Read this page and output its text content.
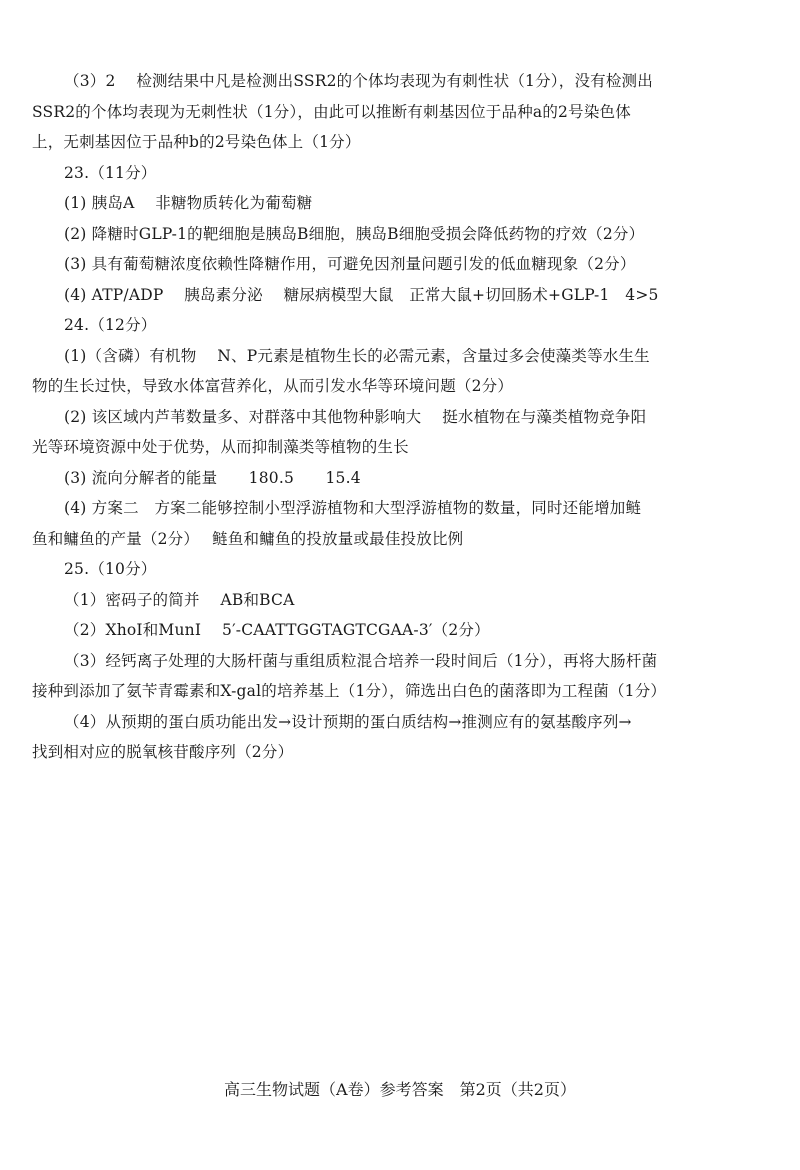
（3）2　 检测结果中凡是检测出SSR2的个体均表现为有刺性状（1分），没有检测出
SSR2的个体均表现为无刺性状（1分），由此可以推断有刺基因位于品种a的2号染色体
上，无刺基因位于品种b的2号染色体上（1分）
23.（11分）
(1) 胰岛A　 非糖物质转化为葡萄糖
(2) 降糖时GLP-1的靶细胞是胰岛B细胞，胰岛B细胞受损会降低药物的疗效（2分）
(3) 具有葡萄糖浓度依赖性降糖作用，可避免因剂量问题引发的低血糖现象（2分）
(4) ATP/ADP　 胰岛素分泌　 糖尿病模型大鼠　正常大鼠+切回肠术+GLP-1　4>5
24.（12分）
(1)（含磷）有机物　 N、P元素是植物生长的必需元素，含量过多会使藻类等水生生
物的生长过快，导致水体富营养化，从而引发水华等环境问题（2分）
(2) 该区域内芦苇数量多、对群落中其他物种影响大　 挺水植物在与藻类植物竞争阳
光等环境资源中处于优势，从而抑制藻类等植物的生长
(3) 流向分解者的能量　　180.5　　15.4
(4) 方案二　方案二能够控制小型浮游植物和大型浮游植物的数量，同时还能增加鲢
鱼和鳙鱼的产量（2分）　 鲢鱼和鳙鱼的投放量或最佳投放比例
25.（10分）
（1）密码子的简并　 AB和BCA
（2）XhoⅠ和MunⅠ　 5′-CAATTGGTAGTCGAA-3′（2分）
（3）经钙离子处理的大肠杆菌与重组质粒混合培养一段时间后（1分），再将大肠杆菌
接种到添加了氨苄青霉素和X-gal的培养基上（1分），筛选出白色的菌落即为工程菌（1分）
（4）从预期的蛋白质功能出发→设计预期的蛋白质结构→推测应有的氨基酸序列→
找到相对应的脱氧核苷酸序列（2分）
高三生物试题（A卷）参考答案　第2页（共2页）
